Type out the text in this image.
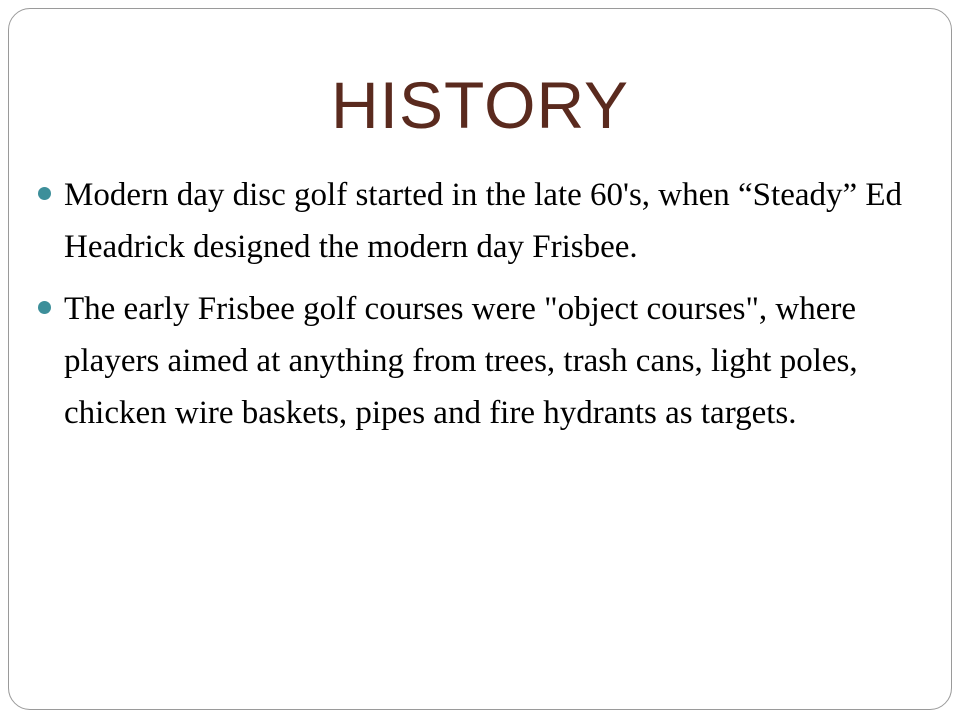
HISTORY
Modern day disc golf started in the late 60's, when “Steady” Ed Headrick designed the modern day Frisbee.
The early Frisbee golf courses were "object courses", where players aimed at anything from trees, trash cans, light poles, chicken wire baskets, pipes and fire hydrants as targets.
